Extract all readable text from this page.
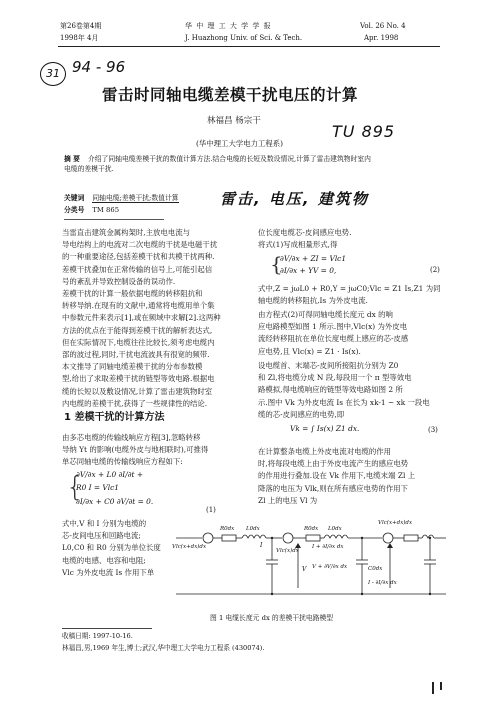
第26卷第4期
1998年 4月
华 中 理 工 大 学 学 报
J. Huazhong Univ. of Sci. & Tech.
Vol. 26 No. 4
Apr. 1998
31 94 - 96
TU 895
雷击, 电压, 建筑物
雷击时同轴电缆差模干扰电压的计算
林福昌 杨宗干
(华中理工大学电力工程系)
摘 要 介绍了同轴电缆差模干扰的数值计算方法.结合电缆的长短及数设情况,计算了雷击建筑物时室内
电缆的差模干扰.
关键词 同轴电缆;差模干扰;数值计算
分类号 TM 865
当雷直击建筑金属构架时,主放电电流与
导电结构上的电流对二次电缆的干扰是电磁干扰
的一种重要途径,包括差模干扰和共模干扰两种.
差模干扰叠加在正常传输的信号上,可能引起信
号的紊乱并导致控制设备的误动作.
差模干扰的计算一般依据电缆的转移阻抗和
转移导纳.在现有的文献中,通常将电缆用单个集
中参数元件来表示[1],或在频域中求解[2].这两种
方法的优点在于能得到差模干扰的解析表达式,
但在实际情况下,电缆往往比较长,须考虑电缆内
部的波过程,同时,干扰电流波具有很宽的频带.
本文推导了同轴电缆差模干扰的分布参数模
型,给出了求取差模干扰的链型等效电路.根据电
缆的长短以及敷设情况,计算了雷击建筑物时室
内电缆的差模干扰,获得了一些规律性的结论.
1 差模干扰的计算方法
由多芯电缆的传输线响应方程[3],忽略转移
导纳 Yt 的影响(电缆外皮与地相联时),可推得
单芯同轴电缆的传输线响应方程如下:
{
∂V/∂x + L0 ∂I/∂t +
R0 I = Vlc1
∂I/∂x + C0 ∂V/∂t = 0.
(1)
式中,V 和 I 分别为电缆的
芯-皮间电压和回路电流;
L0,C0 和 R0 分别为单位长度
电缆的电感、电容和电阻;
Vlc 为外皮电流 Is 作用下单
位长度电缆芯-皮间感应电势.
将式(1)写成相量形式,得
{
∂V/∂x + ZI = Vlc1
∂I/∂x + YV = 0,	(2)
式中,Z = jωL0 + R0,Y = jωC0;Vlc = Z1 Is,Z1 为同
轴电缆的转移阻抗,Is 为外皮电流.
由方程式(2)可得同轴电缆长度元 dx 的响
应电路模型如图 1 所示.图中,Vlc(x) 为外皮电
流经转移阻抗在单位长度电缆上感应的芯-皮感
应电势,且 Vlc(x) = Z1 · Is(x).
设电缆首、末端芯-皮间所接阻抗分别为 Z0
和 Zl,将电缆分成 N 段,每段用一个 π 型等效电
路模拟,得电缆响应的链型等效电路如图 2 所
示.图中 Vk 为外皮电流 Is 在长为 xk-1 ~ xk 一段电
缆的芯-皮间感应的电势,即
Vk = ∫ Is(x) Z1 dx.	(3)
在计算整条电缆上外皮电流对电缆的作用
时,将每段电缆上由于外皮电流产生的感应电势
的作用进行叠加.设在 Vk 作用下,电缆末端 Zl 上
降落的电压为 Vlk,则在所有感应电势的作用下
Zl 上的电压 Vl 为
Vlc(x+dx)dx
R0dx L0dx
Vlc(x)dx
R0dx L0dx
Vlc(x+dx)dx
I	I + ∂I/∂x dx
V V + ∂V/∂x dx	C0dx
I - ∂I/∂x dx
图 1 电缆长度元 dx 的差模干扰电路模型
收稿日期: 1997-10-16.
林福昌,男,1969 年生,博士;武汉,华中理工大学电力工程系 (430074).
